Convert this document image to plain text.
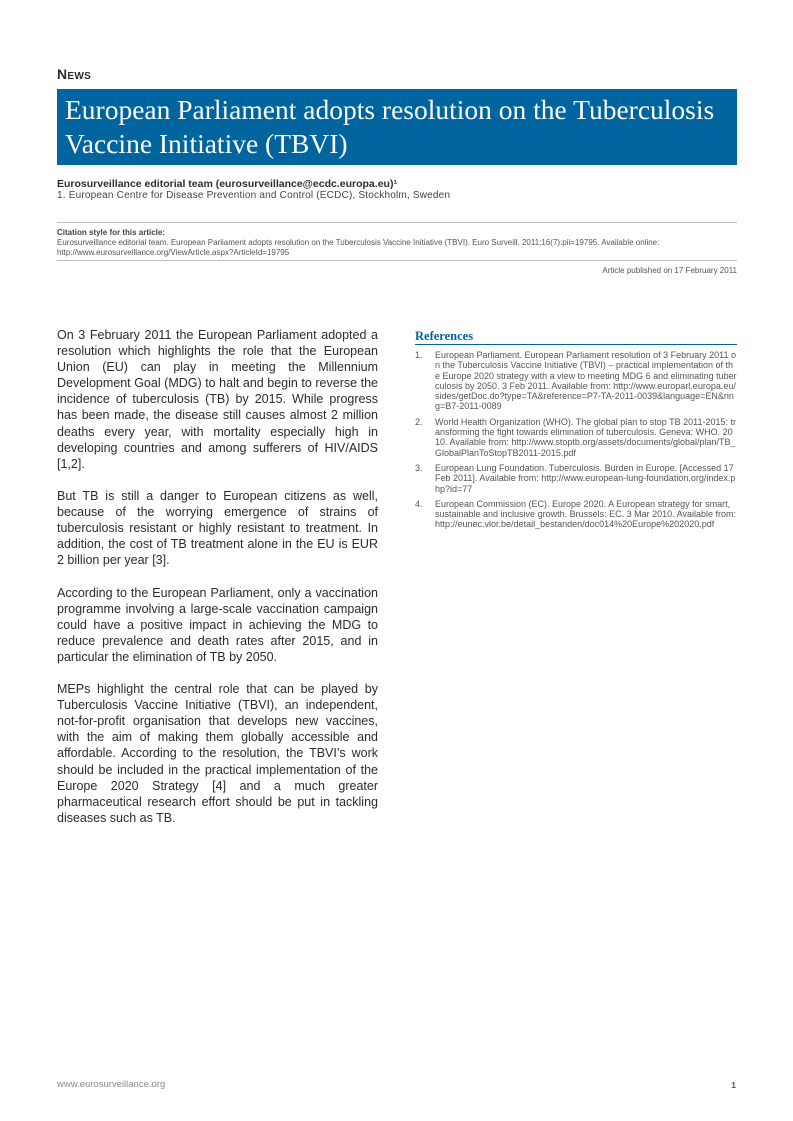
News
European Parliament adopts resolution on the Tuberculosis Vaccine Initiative (TBVI)
Eurosurveillance editorial team (eurosurveillance@ecdc.europa.eu)¹
1. European Centre for Disease Prevention and Control (ECDC), Stockholm, Sweden
Citation style for this article:
Eurosurveillance editorial team. European Parliament adopts resolution on the Tuberculosis Vaccine Initiative (TBVI). Euro Surveill. 2011;16(7):pii=19795. Available online: http://www.eurosurveillance.org/ViewArticle.aspx?ArticleId=19795
Article published on 17 February 2011

On 3 February 2011 the European Parliament adopted a resolution which highlights the role that the European Union (EU) can play in meeting the Millennium Development Goal (MDG) to halt and begin to reverse the incidence of tuberculosis (TB) by 2015. While progress has been made, the disease still causes almost 2 million deaths every year, with mortality especially high in developing countries and among sufferers of HIV/AIDS [1,2].

But TB is still a danger to European citizens as well, because of the worrying emergence of strains of tuberculosis resistant or highly resistant to treatment. In addition, the cost of TB treatment alone in the EU is EUR 2 billion per year [3].

According to the European Parliament, only a vaccination programme involving a large-scale vaccination campaign could have a positive impact in achieving the MDG to reduce prevalence and death rates after 2015, and in particular the elimination of TB by 2050.

MEPs highlight the central role that can be played by Tuberculosis Vaccine Initiative (TBVI), an independent, not-for-profit organisation that develops new vaccines, with the aim of making them globally accessible and affordable. According to the resolution, the TBVI’s work should be included in the practical implementation of the Europe 2020 Strategy [4] and a much greater pharmaceutical research effort should be put in tackling diseases such as TB.

References
1. European Parliament. European Parliament resolution of 3 February 2011 on the Tuberculosis Vaccine Initiative (TBVI) – practical implementation of the Europe 2020 strategy with a view to meeting MDG 6 and eliminating tuberculosis by 2050. 3 Feb 2011. Available from: http://www.europarl.europa.eu/sides/getDoc.do?type=TA&reference=P7-TA-2011-0039&language=EN&ring=B7-2011-0089
2. World Health Organization (WHO). The global plan to stop TB 2011-2015: transforming the fight towards elimination of tuberculosis. Geneva: WHO. 2010. Available from: http://www.stoptb.org/assets/documents/global/plan/TB_GlobalPlanToStopTB2011-2015.pdf
3. European Lung Foundation. Tuberculosis. Burden in Europe. [Accessed 17 Feb 2011]. Available from: http://www.european-lung-foundation.org/index.php?id=77
4. European Commission (EC). Europe 2020. A European strategy for smart, sustainable and inclusive growth. Brussels: EC. 3 Mar 2010. Available from: http://eunec.vlor.be/detail_bestanden/doc014%20Europe%202020.pdf
www.eurosurveillance.org	1
